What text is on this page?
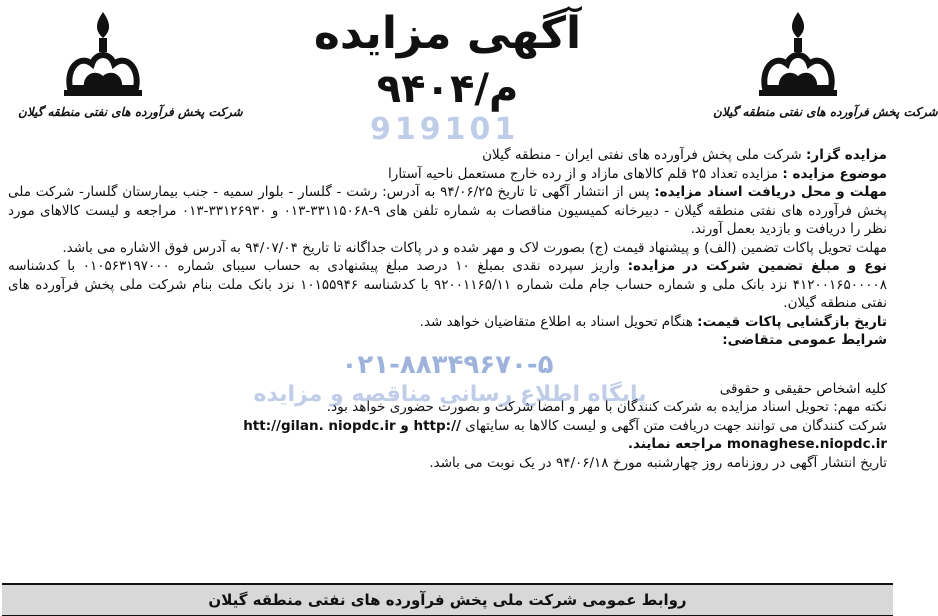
شرکت پخش فرآورده های نفتی منطقه گیلان
شرکت پخش فرآورده های نفتی منطقه گیلان
آگهی مزایده
م/۹۴۰۴
919101
پایگاه اطلاع رسانی مناقصه و مزایده

مزایده گزار: شرکت ملی پخش فرآورده های نفتی ایران - منطقه گیلان

موضوع مزایده : مزایده تعداد ۲۵ قلم کالاهای مازاد و از رده خارج مستعمل ناحیه آستارا

مهلت و محل دریافت اسناد مزایده: پس از انتشار آگهی تا تاریخ ۹۴/۰۶/۲۵ به آدرس: رشت - گلسار - بلوار سمیه - جنب بیمارستان گلسار- شرکت ملی پخش فرآورده های نفتی منطقه گیلان - دبیرخانه کمیسیون مناقصات به شماره تلفن های ۹-۳۳۱۱۵۰۶۸-۰۱۳ و ۳۳۱۲۶۹۳۰-۰۱۳ مراجعه و لیست کالاهای مورد نظر را دریافت و بازدید بعمل آورند.

مهلت تحویل پاکات تضمین (الف) و پیشنهاد قیمت (ج) بصورت لاک و مهر شده و در پاکات جداگانه تا تاریخ ۹۴/۰۷/۰۴ به آدرس فوق الاشاره می باشد.

نوع و مبلغ تضمین شرکت در مزایده: واریز سپرده نقدی بمبلغ ۱۰ درصد مبلغ پیشنهادی به حساب سیبای شماره ۰۱۰۵۶۳۱۹۷۰۰۰ با کدشناسه ۴۱۲۰۰۱۶۵۰۰۰۰۸ نزد بانک ملی و شماره حساب جام ملت شماره ۹۲۰۰۱۱۶۵/۱۱ با کدشناسه ۱۰۱۵۵۹۴۶ نزد بانک ملت بنام شرکت ملی پخش فرآورده های نفتی منطقه گیلان.

تاریخ بازگشایی پاکات قیمت: هنگام تحویل اسناد به اطلاع متقاضیان خواهد شد.

شرایط عمومی متقاضی:

۰۲۱-۸۸۳۴۹۶۷۰-۵

کلیه اشخاص حقیقی و حقوقی

نکته مهم: تحویل اسناد مزایده به شرکت کنندگان با مهر و امضا شرکت و بصورت حضوری خواهد بود.

شرکت کنندگان می توانند جهت دریافت متن آگهی و لیست کالاها به سایتهای htt://gilan. niopdc.ir و http://

monaghese.niopdc.ir مراجعه نمایند.

تاریخ انتشار آگهی در روزنامه روز چهارشنبه مورخ ۹۴/۰۶/۱۸ در یک نوبت می باشد.

روابط عمومی شرکت ملی پخش فرآورده های نفتی منطقه گیلان
